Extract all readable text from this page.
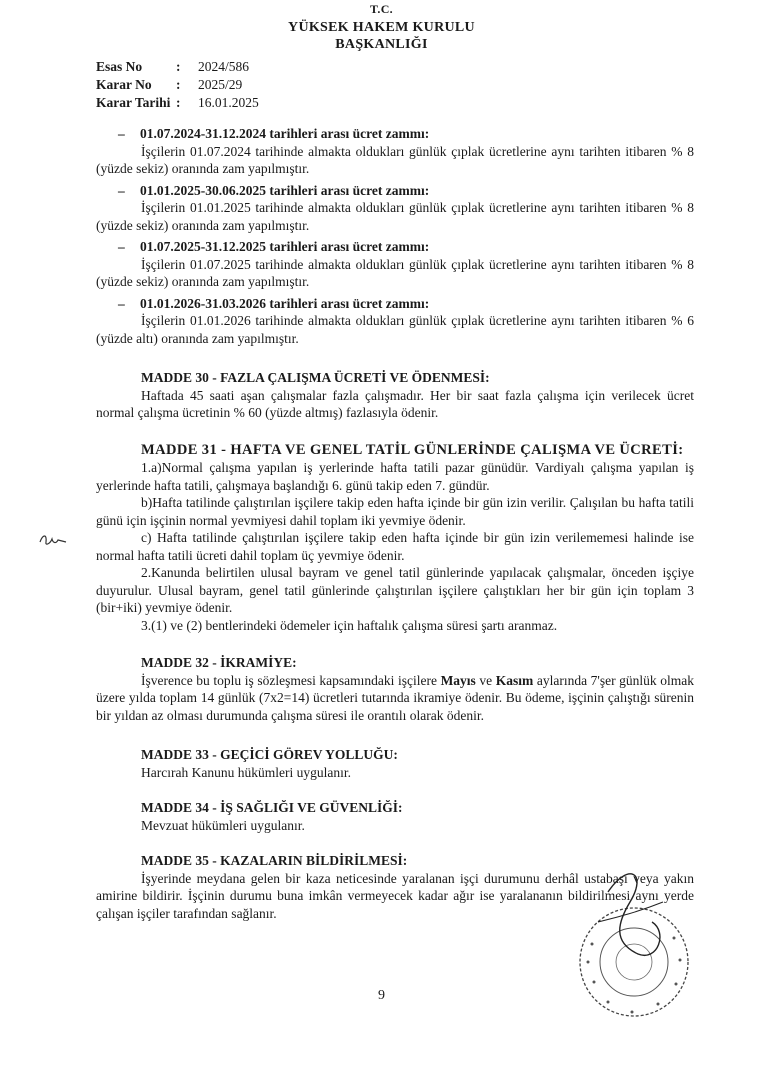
T.C.
YÜKSEK HAKEM KURULU
BAŞKANLIĞI
Esas No	:	2024/586
Karar No	:	2025/29
Karar Tarihi :	16.01.2025
–	01.07.2024-31.12.2024 tarihleri arası ücret zammı:

İşçilerin 01.07.2024 tarihinde almakta oldukları günlük çıplak ücretlerine aynı tarihten itibaren % 8 (yüzde sekiz) oranında zam yapılmıştır.

–	01.01.2025-30.06.2025 tarihleri arası ücret zammı:

İşçilerin 01.01.2025 tarihinde almakta oldukları günlük çıplak ücretlerine aynı tarihten itibaren % 8 (yüzde sekiz) oranında zam yapılmıştır.

–	01.07.2025-31.12.2025 tarihleri arası ücret zammı:

İşçilerin 01.07.2025 tarihinde almakta oldukları günlük çıplak ücretlerine aynı tarihten itibaren % 8 (yüzde sekiz) oranında zam yapılmıştır.

–	01.01.2026-31.03.2026 tarihleri arası ücret zammı:

İşçilerin 01.01.2026 tarihinde almakta oldukları günlük çıplak ücretlerine aynı tarihten itibaren % 6 (yüzde altı) oranında zam yapılmıştır.

MADDE 30 - FAZLA ÇALIŞMA ÜCRETİ VE ÖDENMESİ:

Haftada 45 saati aşan çalışmalar fazla çalışmadır. Her bir saat fazla çalışma için verilecek ücret normal çalışma ücretinin % 60 (yüzde altmış) fazlasıyla ödenir.

MADDE 31 - HAFTA VE GENEL TATİL GÜNLERİNDE ÇALIŞMA VE ÜCRETİ:

1.a)Normal çalışma yapılan iş yerlerinde hafta tatili pazar günüdür. Vardiyalı çalışma yapılan iş yerlerinde hafta tatili, çalışmaya başlandığı 6. günü takip eden 7. gündür.

b)Hafta tatilinde çalıştırılan işçilere takip eden hafta içinde bir gün izin verilir. Çalışılan bu hafta tatili günü için işçinin normal yevmiyesi dahil toplam iki yevmiye ödenir.

c) Hafta tatilinde çalıştırılan işçilere takip eden hafta içinde bir gün izin verilememesi halinde ise normal hafta tatili ücreti dahil toplam üç yevmiye ödenir.

2.Kanunda belirtilen ulusal bayram ve genel tatil günlerinde yapılacak çalışmalar, önceden işçiye duyurulur. Ulusal bayram, genel tatil günlerinde çalıştırılan işçilere çalıştıkları her bir gün için toplam 3 (bir+iki) yevmiye ödenir.

3.(1) ve (2) bentlerindeki ödemeler için haftalık çalışma süresi şartı aranmaz.

MADDE 32 - İKRAMİYE:

İşverence bu toplu iş sözleşmesi kapsamındaki işçilere Mayıs ve Kasım aylarında 7'şer günlük olmak üzere yılda toplam 14 günlük (7x2=14) ücretleri tutarında ikramiye ödenir. Bu ödeme, işçinin çalıştığı sürenin bir yıldan az olması durumunda çalışma süresi ile orantılı olarak ödenir.

MADDE 33 - GEÇİCİ GÖREV YOLLUĞU:

Harcırah Kanunu hükümleri uygulanır.

MADDE 34 - İŞ SAĞLIĞI VE GÜVENLİĞİ:

Mevzuat hükümleri uygulanır.

MADDE 35 - KAZALARIN BİLDİRİLMESİ:

İşyerinde meydana gelen bir kaza neticesinde yaralanan işçi durumunu derhâl ustabaşı veya yakın amirine bildirir. İşçinin durumu buna imkân vermeyecek kadar ağır ise yaralananın bildirilmesi aynı yerde çalışan işçiler tarafından sağlanır.

9
